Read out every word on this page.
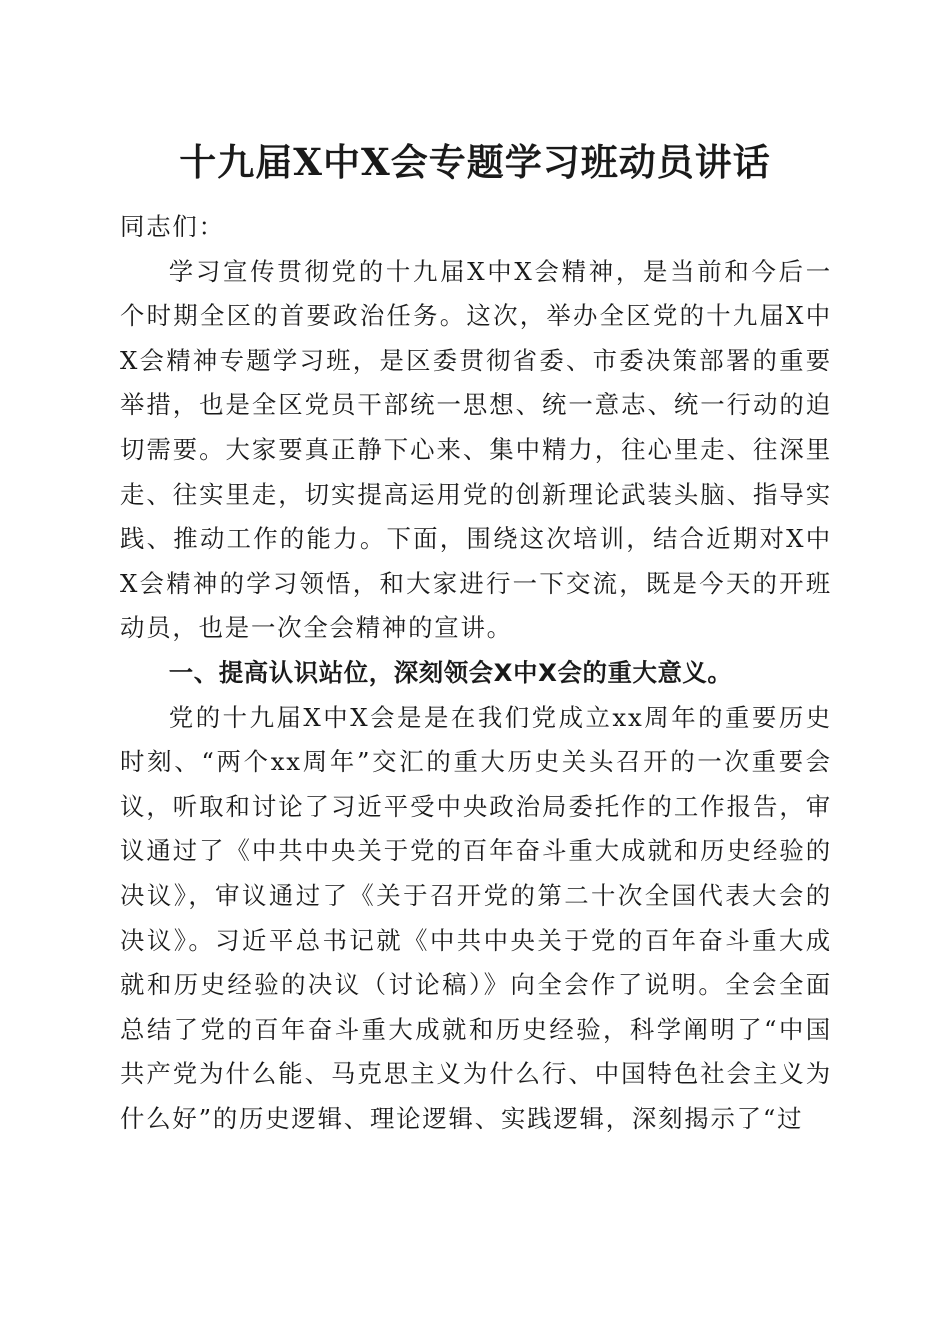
十九届X中X会专题学习班动员讲话

同志们：

学习宣传贯彻党的十九届X中X会精神，是当前和今后一个时期全区的首要政治任务。这次，举办全区党的十九届X中X会精神专题学习班，是区委贯彻省委、市委决策部署的重要举措，也是全区党员干部统一思想、统一意志、统一行动的迫切需要。大家要真正静下心来、集中精力，往心里走、往深里走、往实里走，切实提高运用党的创新理论武装头脑、指导实践、推动工作的能力。下面，围绕这次培训，结合近期对X中X会精神的学习领悟，和大家进行一下交流，既是今天的开班动员，也是一次全会精神的宣讲。

一、提高认识站位，深刻领会X中X会的重大意义。

党的十九届X中X会是是在我们党成立xx周年的重要历史时刻、“两个xx周年”交汇的重大历史关头召开的一次重要会议，听取和讨论了习近平受中央政治局委托作的工作报告，审议通过了《中共中央关于党的百年奋斗重大成就和历史经验的决议》，审议通过了《关于召开党的第二十次全国代表大会的决议》。习近平总书记就《中共中央关于党的百年奋斗重大成就和历史经验的决议（讨论稿）》向全会作了说明。全会全面总结了党的百年奋斗重大成就和历史经验，科学阐明了“中国共产党为什么能、马克思主义为什么行、中国特色社会主义为什么好”的历史逻辑、理论逻辑、实践逻辑，深刻揭示了“过
